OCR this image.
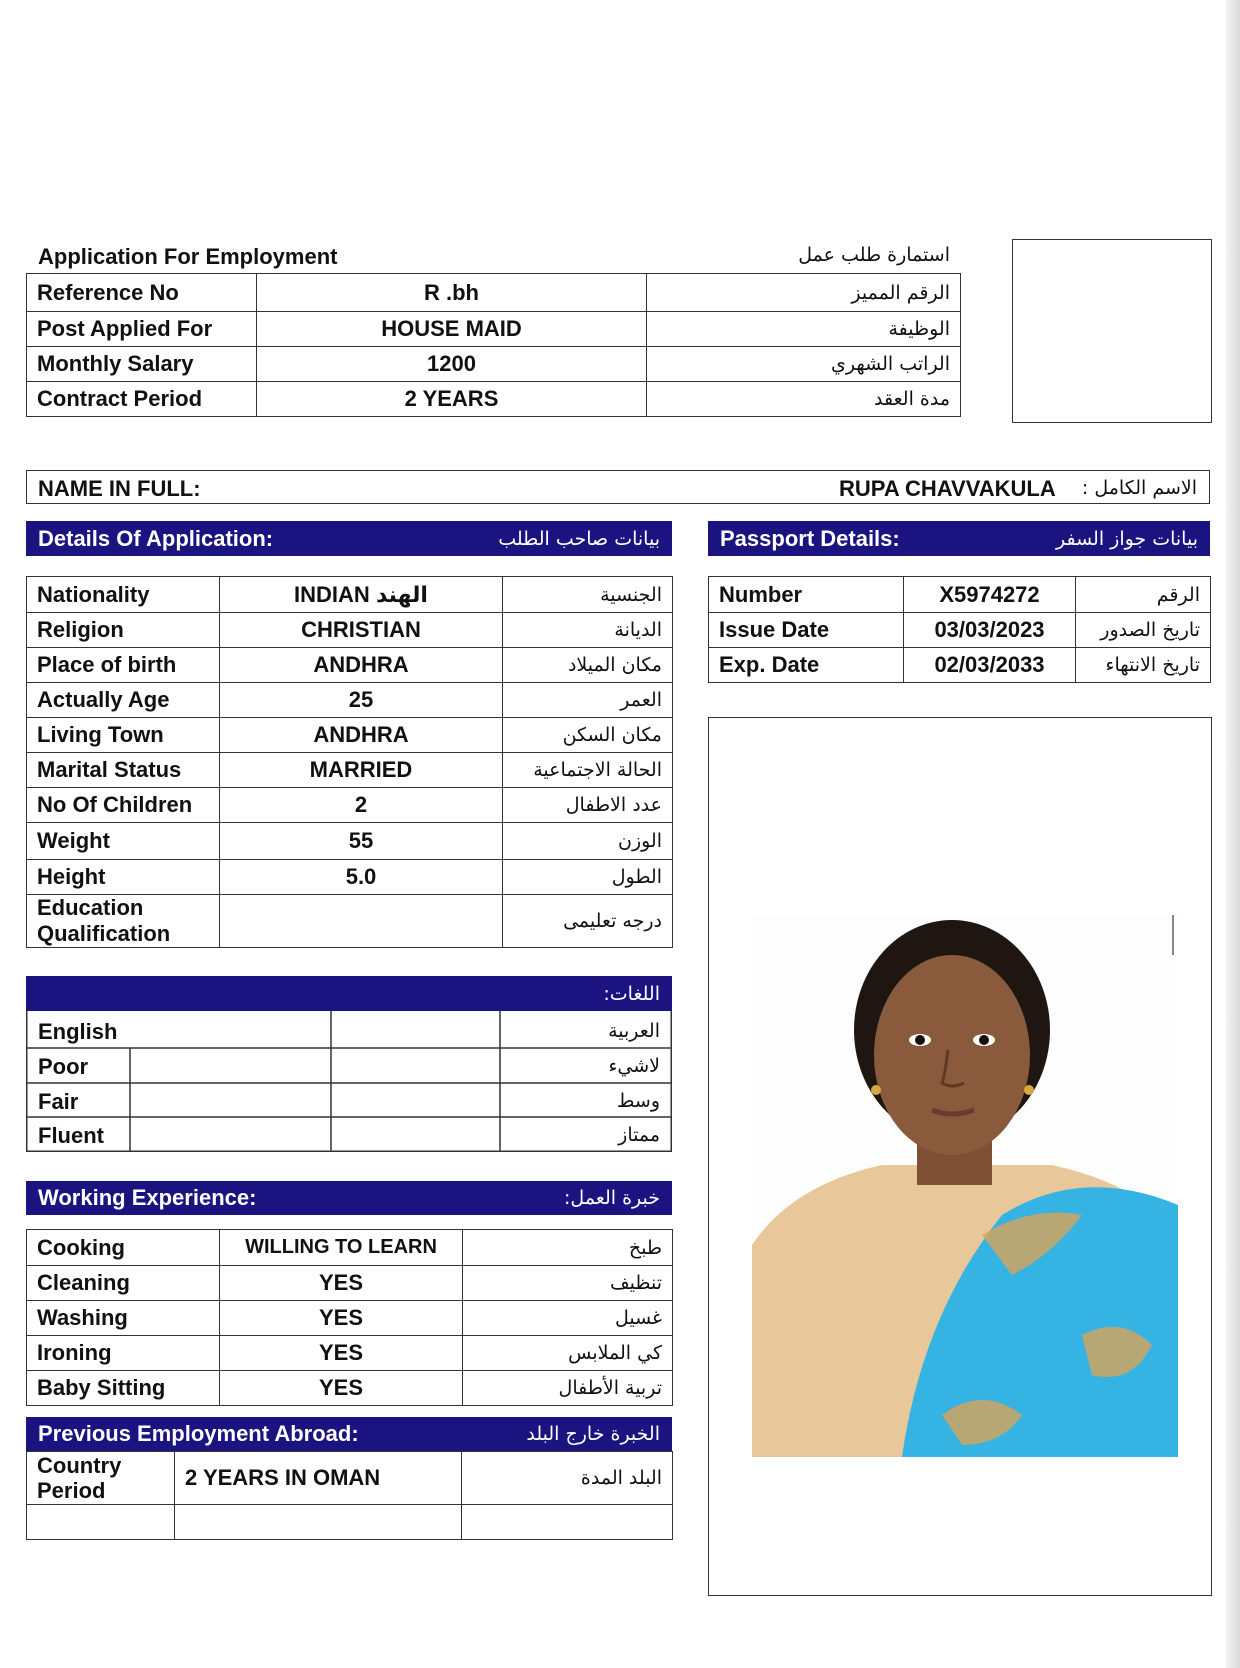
Application For Employment	استمارة طلب عمل
Reference No	R .bh	الرقم المميز
Post Applied For	HOUSE MAID	الوظيفة
Monthly Salary	1200	الراتب الشهري
Contract Period	2 YEARS	مدة العقد
NAME IN FULL:	RUPA CHAVVAKULA الاسم الكامل :
Details Of Application:	بيانات صاحب الطلب	Passport Details:	بيانات جواز السفر
Nationality	INDIAN الهند	الجنسية
Religion	CHRISTIAN	الديانة
Place of birth	ANDHRA	مكان الميلاد
Actually Age	25	العمر
Living Town	ANDHRA	مكان السكن
Marital Status	MARRIED	الحالة الاجتماعية
No Of Children	2	عدد الاطفال
Weight	55	الوزن
Height	5.0	الطول

Education
Qualification		درجه تعليمى
Number	X5974272	الرقم
Issue Date	03/03/2023	تاريخ الصدور
Exp. Date	02/03/2033	تاريخ الانتهاء
اللغات:
English	العربية
Poor	لاشيء
Fair	وسط
Fluent	ممتاز
Working Experience:	خبرة العمل:
Cooking	WILLING TO LEARN	طبخ
Cleaning	YES	تنظيف
Washing	YES	غسيل
Ironing	YES	كي الملابس
Baby Sitting	YES	تربية الأطفال
Previous Employment Abroad:	الخبرة خارج البلد
Country
Period	2 YEARS IN OMAN	البلد المدة
